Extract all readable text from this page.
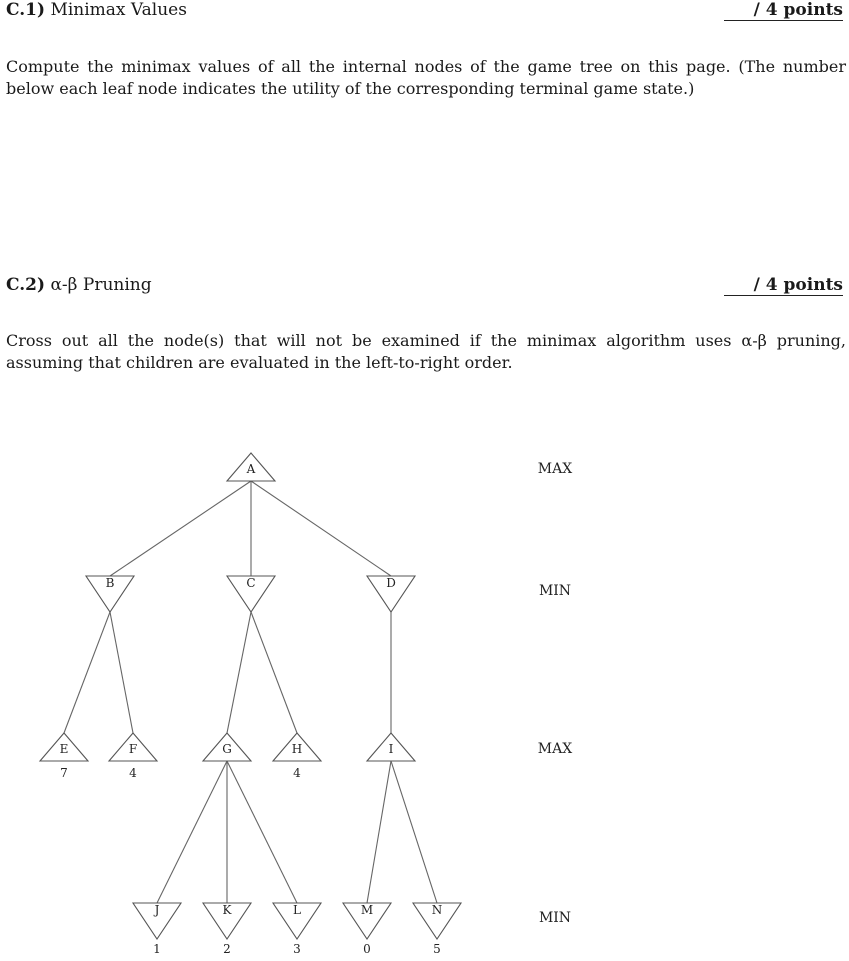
C.1) Minimax Values	/ 4 points
Compute the minimax values of all the internal nodes of the game tree on this page. (The number below each leaf node indicates the utility of the corresponding terminal game state.)
C.2) α-β Pruning	/ 4 points
Cross out all the node(s) that will not be examined if the minimax algorithm uses α-β pruning, assuming that children are evaluated in the left-to-right order.
A
B	C	D
E
7
F
4
G	H
4
I
J
1
K
2
L
3
M
0
N
5
MAX
MIN
MAX
MIN
